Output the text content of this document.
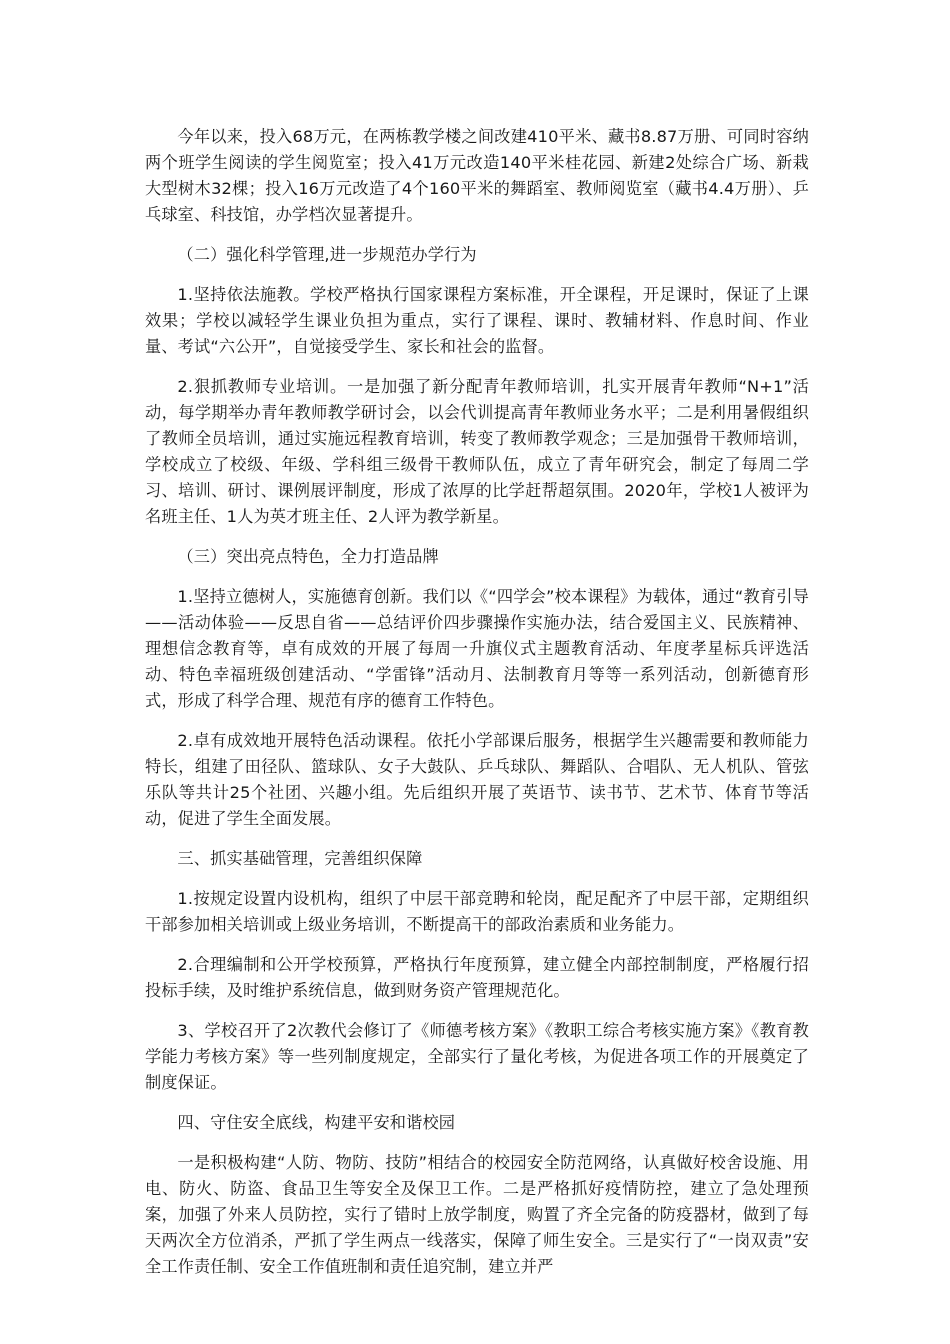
今年以来，投入68万元，在两栋教学楼之间改建410平米、藏书8.87万册、可同时容纳两个班学生阅读的学生阅览室；投入41万元改造140平米桂花园、新建2处综合广场、新栽大型树木32棵；投入16万元改造了4个160平米的舞蹈室、教师阅览室（藏书4.4万册）、乒乓球室、科技馆，办学档次显著提升。

（二）强化科学管理,进一步规范办学行为

1.坚持依法施教。学校严格执行国家课程方案标准，开全课程，开足课时，保证了上课效果；学校以减轻学生课业负担为重点，实行了课程、课时、教辅材料、作息时间、作业量、考试“六公开”，自觉接受学生、家长和社会的监督。

2.狠抓教师专业培训。一是加强了新分配青年教师培训，扎实开展青年教师“N+1”活动，每学期举办青年教师教学研讨会，以会代训提高青年教师业务水平；二是利用暑假组织了教师全员培训，通过实施远程教育培训，转变了教师教学观念；三是加强骨干教师培训，学校成立了校级、年级、学科组三级骨干教师队伍，成立了青年研究会，制定了每周二学习、培训、研讨、课例展评制度，形成了浓厚的比学赶帮超氛围。2020年，学校1人被评为名班主任、1人为英才班主任、2人评为教学新星。

（三）突出亮点特色，全力打造品牌

1.坚持立德树人，实施德育创新。我们以《“四学会”校本课程》为载体，通过“教育引导——活动体验——反思自省——总结评价四步骤操作实施办法，结合爱国主义、民族精神、理想信念教育等，卓有成效的开展了每周一升旗仪式主题教育活动、年度孝星标兵评选活动、特色幸福班级创建活动、“学雷锋”活动月、法制教育月等等一系列活动，创新德育形式，形成了科学合理、规范有序的德育工作特色。

2.卓有成效地开展特色活动课程。依托小学部课后服务，根据学生兴趣需要和教师能力特长，组建了田径队、篮球队、女子大鼓队、乒乓球队、舞蹈队、合唱队、无人机队、管弦乐队等共计25个社团、兴趣小组。先后组织开展了英语节、读书节、艺术节、体育节等活动，促进了学生全面发展。

三、抓实基础管理，完善组织保障

1.按规定设置内设机构，组织了中层干部竞聘和轮岗，配足配齐了中层干部，定期组织干部参加相关培训或上级业务培训，不断提高干的部政治素质和业务能力。

2.合理编制和公开学校预算，严格执行年度预算，建立健全内部控制制度，严格履行招投标手续，及时维护系统信息，做到财务资产管理规范化。

3、学校召开了2次教代会修订了《师德考核方案》《教职工综合考核实施方案》《教育教学能力考核方案》等一些列制度规定，全部实行了量化考核，为促进各项工作的开展奠定了制度保证。

四、守住安全底线，构建平安和谐校园

一是积极构建“人防、物防、技防”相结合的校园安全防范网络，认真做好校舍设施、用电、防火、防盗、食品卫生等安全及保卫工作。二是严格抓好疫情防控，建立了急处理预案，加强了外来人员防控，实行了错时上放学制度，购置了齐全完备的防疫器材，做到了每天两次全方位消杀，严抓了学生两点一线落实，保障了师生安全。三是实行了“一岗双责”安全工作责任制、安全工作值班制和责任追究制，建立并严
